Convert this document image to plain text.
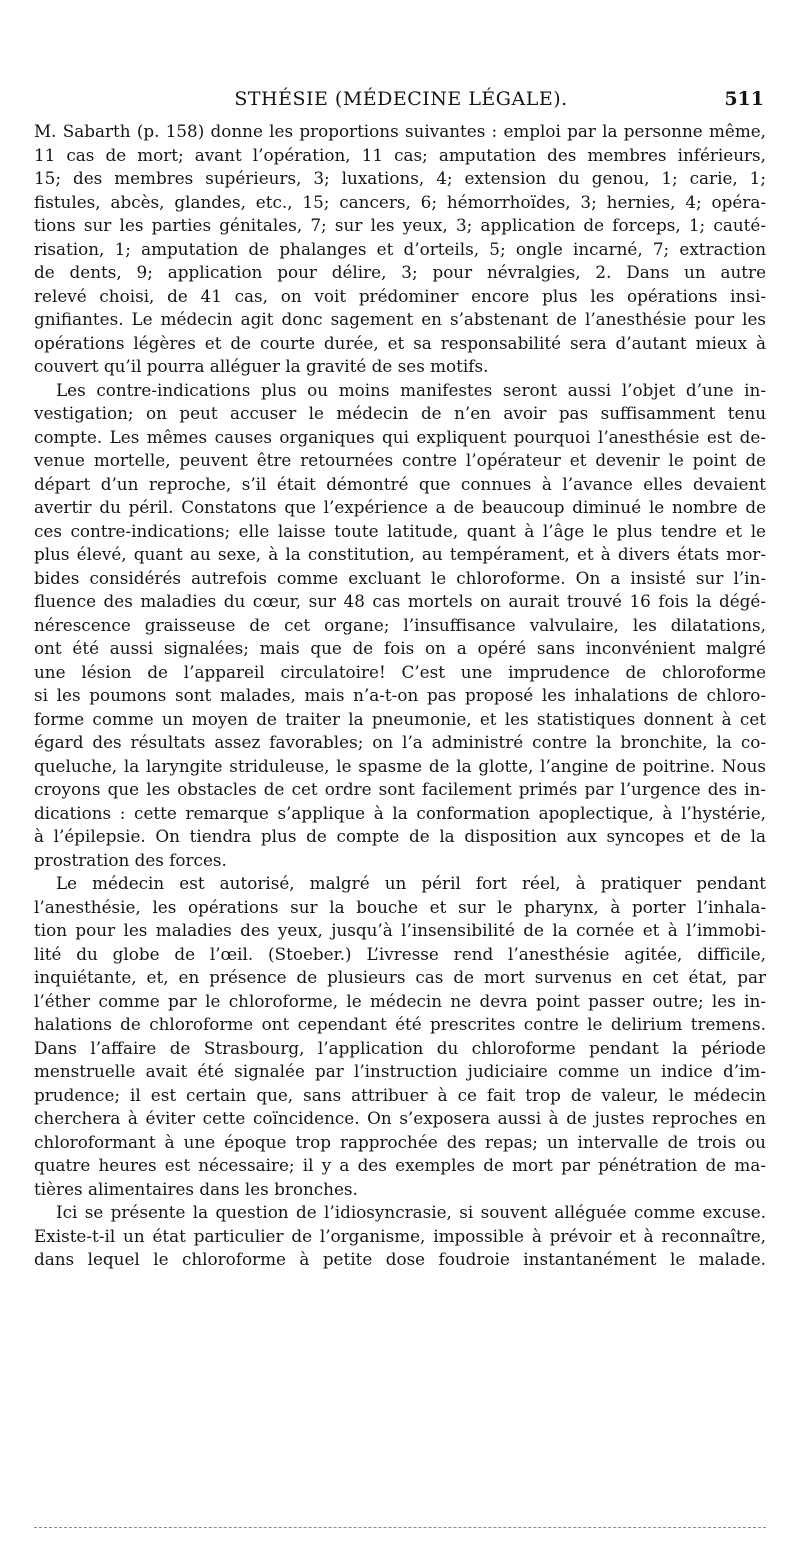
STHÉSIE (MÉDECINE LÉGALE).	511
M. Sabarth (p. 158) donne les proportions suivantes : emploi par la personne même,
11 cas de mort; avant l’opération, 11 cas; amputation des membres inférieurs,
15; des membres supérieurs, 3; luxations, 4; extension du genou, 1; carie, 1;
fistules, abcès, glandes, etc., 15; cancers, 6; hémorrhoïdes, 3; hernies, 4; opéra-
tions sur les parties génitales, 7; sur les yeux, 3; application de forceps, 1; cauté-
risation, 1; amputation de phalanges et d’orteils, 5; ongle incarné, 7; extraction
de dents, 9; application pour délire, 3; pour névralgies, 2. Dans un autre
relevé choisi, de 41 cas, on voit prédominer encore plus les opérations insi-
gnifiantes. Le médecin agit donc sagement en s’abstenant de l’anesthésie pour les
opérations légères et de courte durée, et sa responsabilité sera d’autant mieux à
couvert qu’il pourra alléguer la gravité de ses motifs.
Les contre-indications plus ou moins manifestes seront aussi l’objet d’une in-
vestigation; on peut accuser le médecin de n’en avoir pas suffisamment tenu
compte. Les mêmes causes organiques qui expliquent pourquoi l’anesthésie est de-
venue mortelle, peuvent être retournées contre l’opérateur et devenir le point de
départ d’un reproche, s’il était démontré que connues à l’avance elles devaient
avertir du péril. Constatons que l’expérience a de beaucoup diminué le nombre de
ces contre-indications; elle laisse toute latitude, quant à l’âge le plus tendre et le
plus élevé, quant au sexe, à la constitution, au tempérament, et à divers états mor-
bides considérés autrefois comme excluant le chloroforme. On a insisté sur l’in-
fluence des maladies du cœur, sur 48 cas mortels on aurait trouvé 16 fois la dégé-
nérescence graisseuse de cet organe; l’insuffisance valvulaire, les dilatations,
ont été aussi signalées; mais que de fois on a opéré sans inconvénient malgré
une lésion de l’appareil circulatoire! C’est une imprudence de chloroforme
si les poumons sont malades, mais n’a-t-on pas proposé les inhalations de chloro-
forme comme un moyen de traiter la pneumonie, et les statistiques donnent à cet
égard des résultats assez favorables; on l’a administré contre la bronchite, la co-
queluche, la laryngite striduleuse, le spasme de la glotte, l’angine de poitrine. Nous
croyons que les obstacles de cet ordre sont facilement primés par l’urgence des in-
dications : cette remarque s’applique à la conformation apoplectique, à l’hystérie,
à l’épilepsie. On tiendra plus de compte de la disposition aux syncopes et de la
prostration des forces.
Le médecin est autorisé, malgré un péril fort réel, à pratiquer pendant
l’anesthésie, les opérations sur la bouche et sur le pharynx, à porter l’inhala-
tion pour les maladies des yeux, jusqu’à l’insensibilité de la cornée et à l’immobi-
lité du globe de l’œil. (Stoeber.) L’ivresse rend l’anesthésie agitée, difficile,
inquiétante, et, en présence de plusieurs cas de mort survenus en cet état, par
l’éther comme par le chloroforme, le médecin ne devra point passer outre; les in-
halations de chloroforme ont cependant été prescrites contre le delirium tremens.
Dans l’affaire de Strasbourg, l’application du chloroforme pendant la période
menstruelle avait été signalée par l’instruction judiciaire comme un indice d’im-
prudence; il est certain que, sans attribuer à ce fait trop de valeur, le médecin
cherchera à éviter cette coïncidence. On s’exposera aussi à de justes reproches en
chloroformant à une époque trop rapprochée des repas; un intervalle de trois ou
quatre heures est nécessaire; il y a des exemples de mort par pénétration de ma-
tières alimentaires dans les bronches.
Ici se présente la question de l’idiosyncrasie, si souvent alléguée comme excuse.
Existe-t-il un état particulier de l’organisme, impossible à prévoir et à reconnaître,
dans lequel le chloroforme à petite dose foudroie instantanément le malade.
